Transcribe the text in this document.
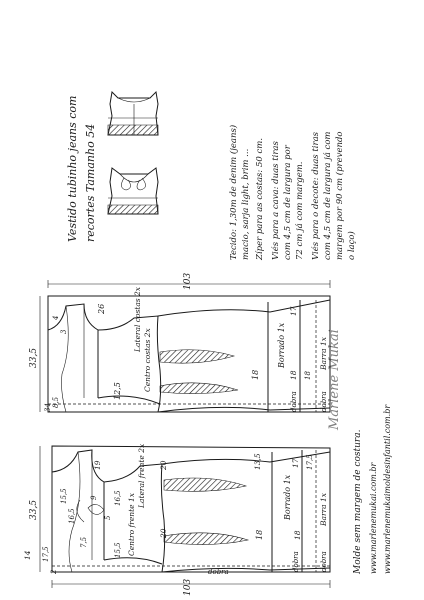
Vestido tubinho jeans com recortes Tamanho 54	Tecido: 1,30m de denim (jeans) macio, sarja light, brim ... Zíper para as costas: 50 cm. Viés para a cava: duas tiras com 4,5 cm de largura por 72 cm já com margem. Viés para o decote: duas tiras com 4,5 cm de largura já com margem por 90 cm (prevendo o laço)
103
33,5
26
12,5
4
3
34 8,5
Lateral costas 2x
Centro costas 2x	18
Borrado 1x
17
18 18
Barra 1x
dobra	dobra Marlene Mukai
103
33,5
14 17,5
2
15,5
16,5
7,5
9
5
16,5
15,5
19	20
20
Lateral frente 2x
Centro frente 1x
13,5
18
Borrado 1x
17 17,5
18
Barra 1x
dobra	dobra	dobra	Molde sem margem de costura. www.marlenemukai.com.br www.marlenemukaimoldesinfantil.com.br
